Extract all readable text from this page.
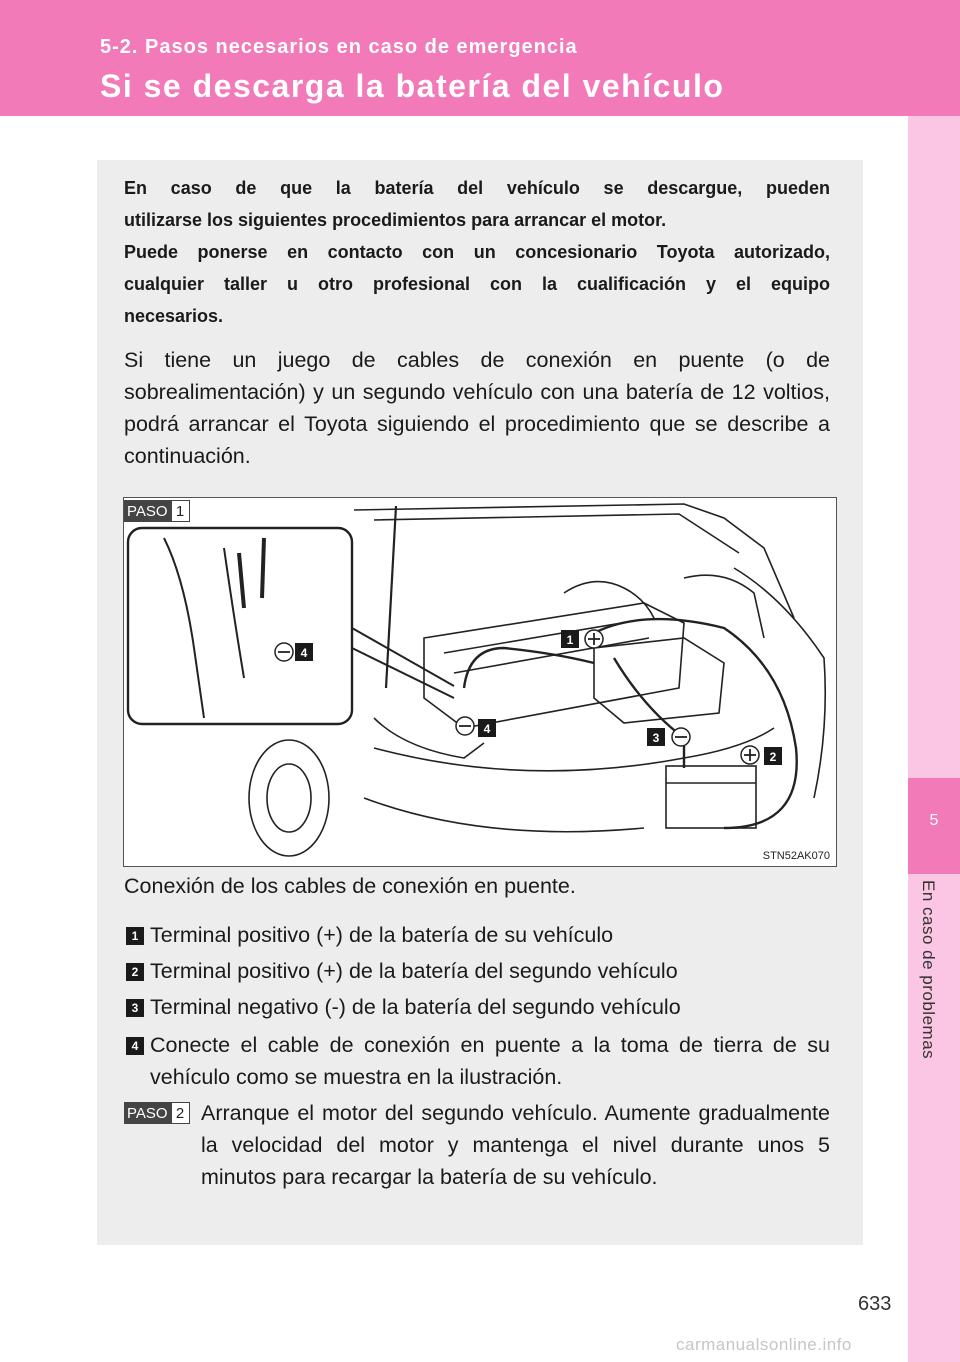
5-2. Pasos necesarios en caso de emergencia
Si se descarga la batería del vehículo
5
En caso de problemas
En caso de que la batería del vehículo se descargue, pueden
utilizarse los siguientes procedimientos para arrancar el motor.
Puede ponerse en contacto con un concesionario Toyota autorizado,
cualquier taller u otro profesional con la cualificación y el equipo
necesarios.
Si tiene un juego de cables de conexión en puente (o de sobrealimentación) y un segundo vehículo con una batería de 12 voltios, podrá arrancar el Toyota siguiendo el procedimiento que se describe a continuación.
PASO 1
4
1
4
3
2
STN52AK070
Conexión de los cables de conexión en puente.
1 Terminal positivo (+) de la batería de su vehículo
2 Terminal positivo (+) de la batería del segundo vehículo
3 Terminal negativo (-) de la batería del segundo vehículo
4 Conecte el cable de conexión en puente a la toma de tierra de su vehículo como se muestra en la ilustración.
PASO 2 Arranque el motor del segundo vehículo. Aumente gradualmente la velocidad del motor y mantenga el nivel durante unos 5 minutos para recargar la batería de su vehículo.
633
carmanualsonline.info
